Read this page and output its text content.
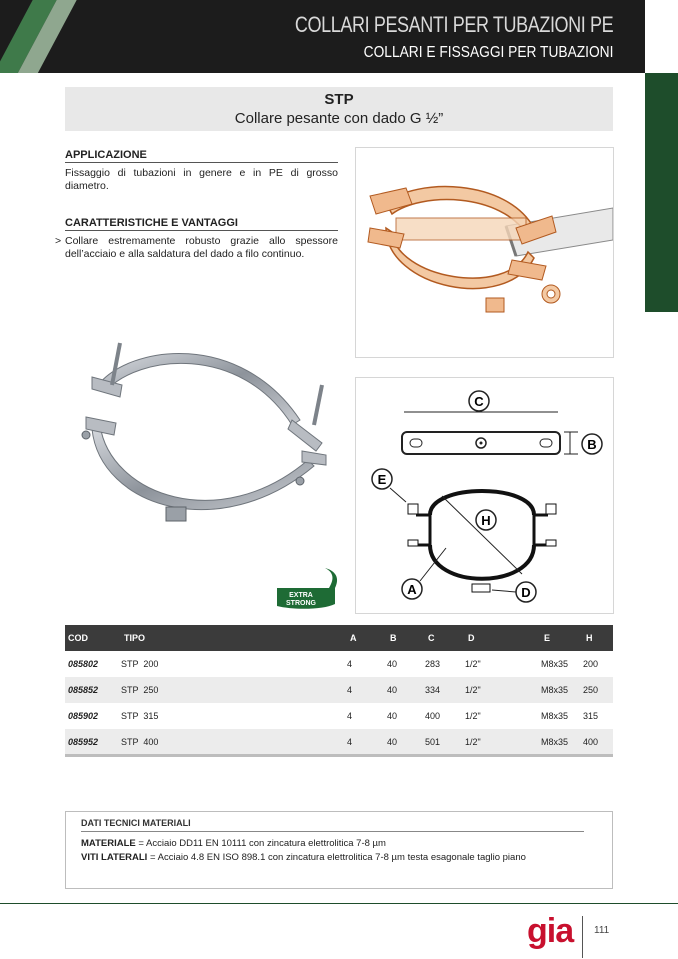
COLLARI PESANTI PER TUBAZIONI PE
COLLARI E FISSAGGI PER TUBAZIONI
STP
Collare pesante con dado G ½”
APPLICAZIONE
Fissaggio di tubazioni in genere e in PE di grosso diametro.
CARATTERISTICHE E VANTAGGI
> Collare estremamente robusto grazie allo spessore dell’acciaio e alla saldatura del dado a filo continuo.
C
B
H
E
A	D
EXTRA
STRONG
COD	TIPO	A	B	C	D	E	H
085802	STP  200	4	40	283	1/2"	M8x35	200
085852	STP  250	4	40	334	1/2"	M8x35	250
085902	STP  315	4	40	400	1/2"	M8x35	315
085952	STP  400	4	40	501	1/2"	M8x35	400
DATI TECNICI MATERIALI
MATERIALE = Acciaio DD11 EN 10111 con zincatura elettrolitica 7-8 µm
VITI LATERALI = Acciaio 4.8 EN ISO 898.1 con zincatura elettrolitica 7-8 µm testa esagonale taglio piano
gia 111
